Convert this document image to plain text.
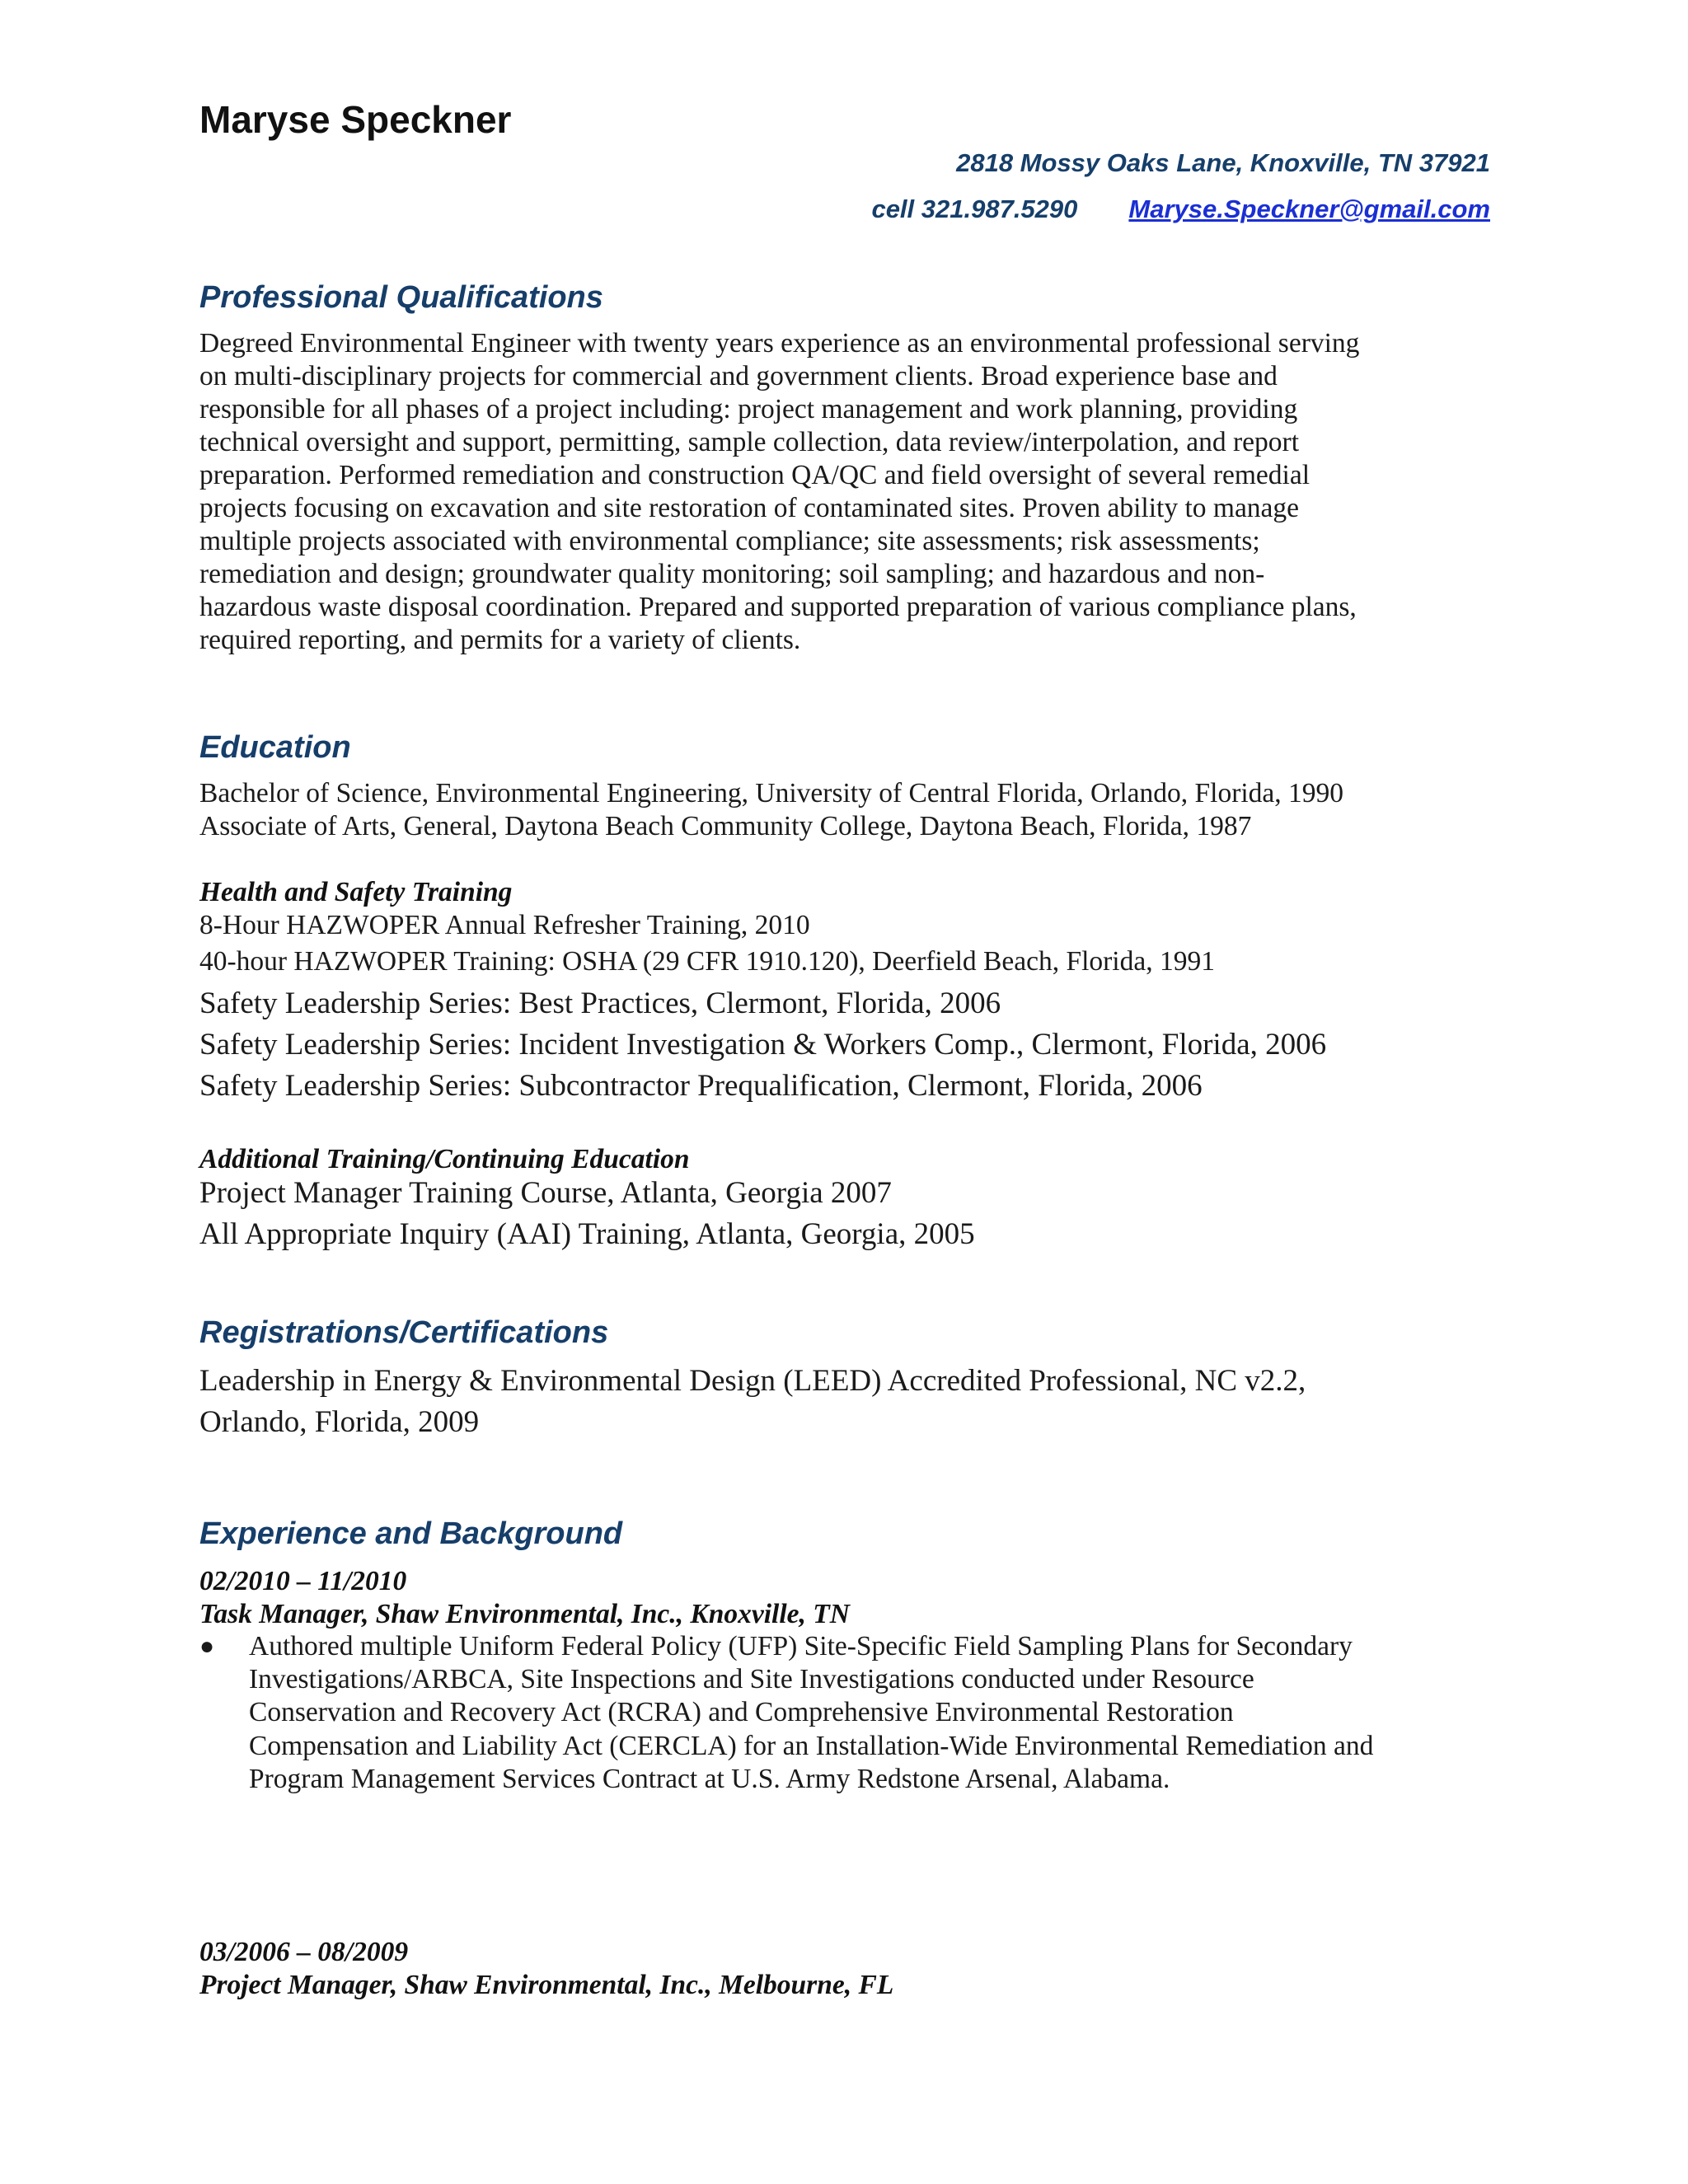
Maryse Speckner
2818 Mossy Oaks Lane, Knoxville, TN 37921
cell 321.987.5290 Maryse.Speckner@gmail.com
Professional Qualifications
Degreed Environmental Engineer with twenty years experience as an environmental professional serving
on multi-disciplinary projects for commercial and government clients. Broad experience base and
responsible for all phases of a project including: project management and work planning, providing
technical oversight and support, permitting, sample collection, data review/interpolation, and report
preparation. Performed remediation and construction QA/QC and field oversight of several remedial
projects focusing on excavation and site restoration of contaminated sites. Proven ability to manage
multiple projects associated with environmental compliance; site assessments; risk assessments;
remediation and design; groundwater quality monitoring; soil sampling; and hazardous and non-
hazardous waste disposal coordination. Prepared and supported preparation of various compliance plans,
required reporting, and permits for a variety of clients.
Education
Bachelor of Science, Environmental Engineering, University of Central Florida, Orlando, Florida, 1990
Associate of Arts, General, Daytona Beach Community College, Daytona Beach, Florida, 1987
Health and Safety Training
8-Hour HAZWOPER Annual Refresher Training, 2010
40-hour HAZWOPER Training: OSHA (29 CFR 1910.120), Deerfield Beach, Florida, 1991
Safety Leadership Series: Best Practices, Clermont, Florida, 2006
Safety Leadership Series: Incident Investigation & Workers Comp., Clermont, Florida, 2006
Safety Leadership Series: Subcontractor Prequalification, Clermont, Florida, 2006
Additional Training/Continuing Education
Project Manager Training Course, Atlanta, Georgia 2007
All Appropriate Inquiry (AAI) Training, Atlanta, Georgia, 2005
Registrations/Certifications
Leadership in Energy & Environmental Design (LEED) Accredited Professional, NC v2.2,
Orlando, Florida, 2009
Experience and Background
02/2010 – 11/2010
Task Manager, Shaw Environmental, Inc., Knoxville, TN
● Authored multiple Uniform Federal Policy (UFP) Site-Specific Field Sampling Plans for Secondary
Investigations/ARBCA, Site Inspections and Site Investigations conducted under Resource
Conservation and Recovery Act (RCRA) and Comprehensive Environmental Restoration
Compensation and Liability Act (CERCLA) for an Installation-Wide Environmental Remediation and
Program Management Services Contract at U.S. Army Redstone Arsenal, Alabama.
03/2006 – 08/2009
Project Manager, Shaw Environmental, Inc., Melbourne, FL
